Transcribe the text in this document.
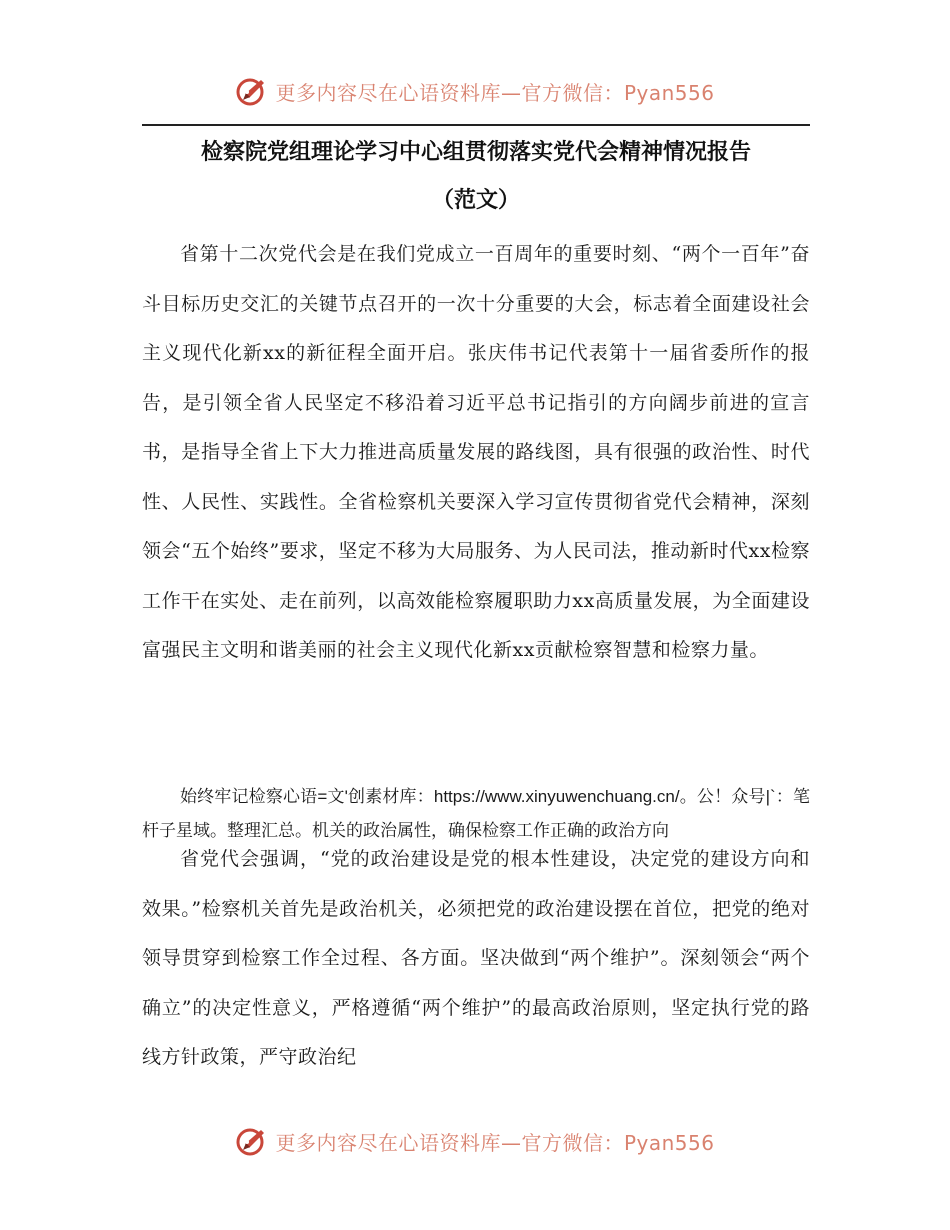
更多内容尽在心语资料库—官方微信：Pyan556
检察院党组理论学习中心组贯彻落实党代会精神情况报告
（范文）

省第十二次党代会是在我们党成立一百周年的重要时刻、“两个一百年”奋斗目标历史交汇的关键节点召开的一次十分重要的大会，标志着全面建设社会主义现代化新xx的新征程全面开启。张庆伟书记代表第十一届省委所作的报告，是引领全省人民坚定不移沿着习近平总书记指引的方向阔步前进的宣言书，是指导全省上下大力推进高质量发展的路线图，具有很强的政治性、时代性、人民性、实践性。全省检察机关要深入学习宣传贯彻省党代会精神，深刻领会“五个始终”要求，坚定不移为大局服务、为人民司法，推动新时代xx检察工作干在实处、走在前列，以高效能检察履职助力xx高质量发展，为全面建设富强民主文明和谐美丽的社会主义现代化新xx贡献检察智慧和检察力量。

始终牢记检察心语=文'创素材库：https://www.xinyuwenchuang.cn/。公！众号|`：笔杆子星域。整理汇总。机关的政治属性，确保检察工作正确的政治方向

省党代会强调，“党的政治建设是党的根本性建设，决定党的建设方向和效果。”检察机关首先是政治机关，必须把党的政治建设摆在首位，把党的绝对领导贯穿到检察工作全过程、各方面。坚决做到“两个维护”。深刻领会“两个确立”的决定性意义，严格遵循“两个维护”的最高政治原则，坚定执行党的路线方针政策，严守政治纪

更多内容尽在心语资料库—官方微信：Pyan556
